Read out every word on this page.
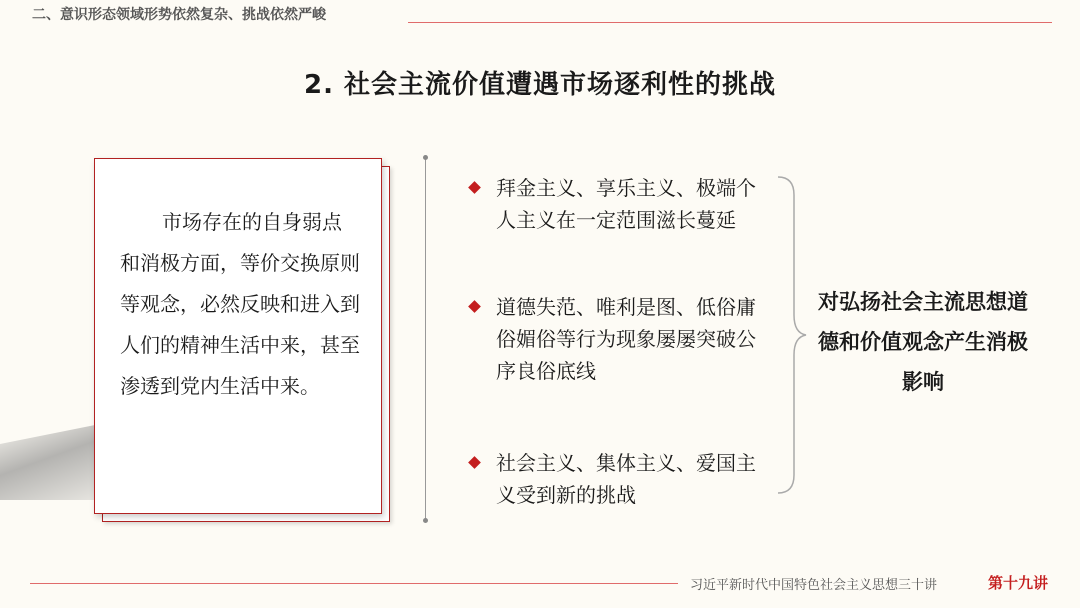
二、意识形态领域形势依然复杂、挑战依然严峻
2. 社会主流价值遭遇市场逐利性的挑战
市场存在的自身弱点和消极方面，等价交换原则等观念，必然反映和进入到人们的精神生活中来，甚至渗透到党内生活中来。
拜金主义、享乐主义、极端个人主义在一定范围滋长蔓延
道德失范、唯利是图、低俗庸俗媚俗等行为现象屡屡突破公序良俗底线
社会主义、集体主义、爱国主义受到新的挑战
对弘扬社会主流思想道德和价值观念产生消极影响
习近平新时代中国特色社会主义思想三十讲	第十九讲
